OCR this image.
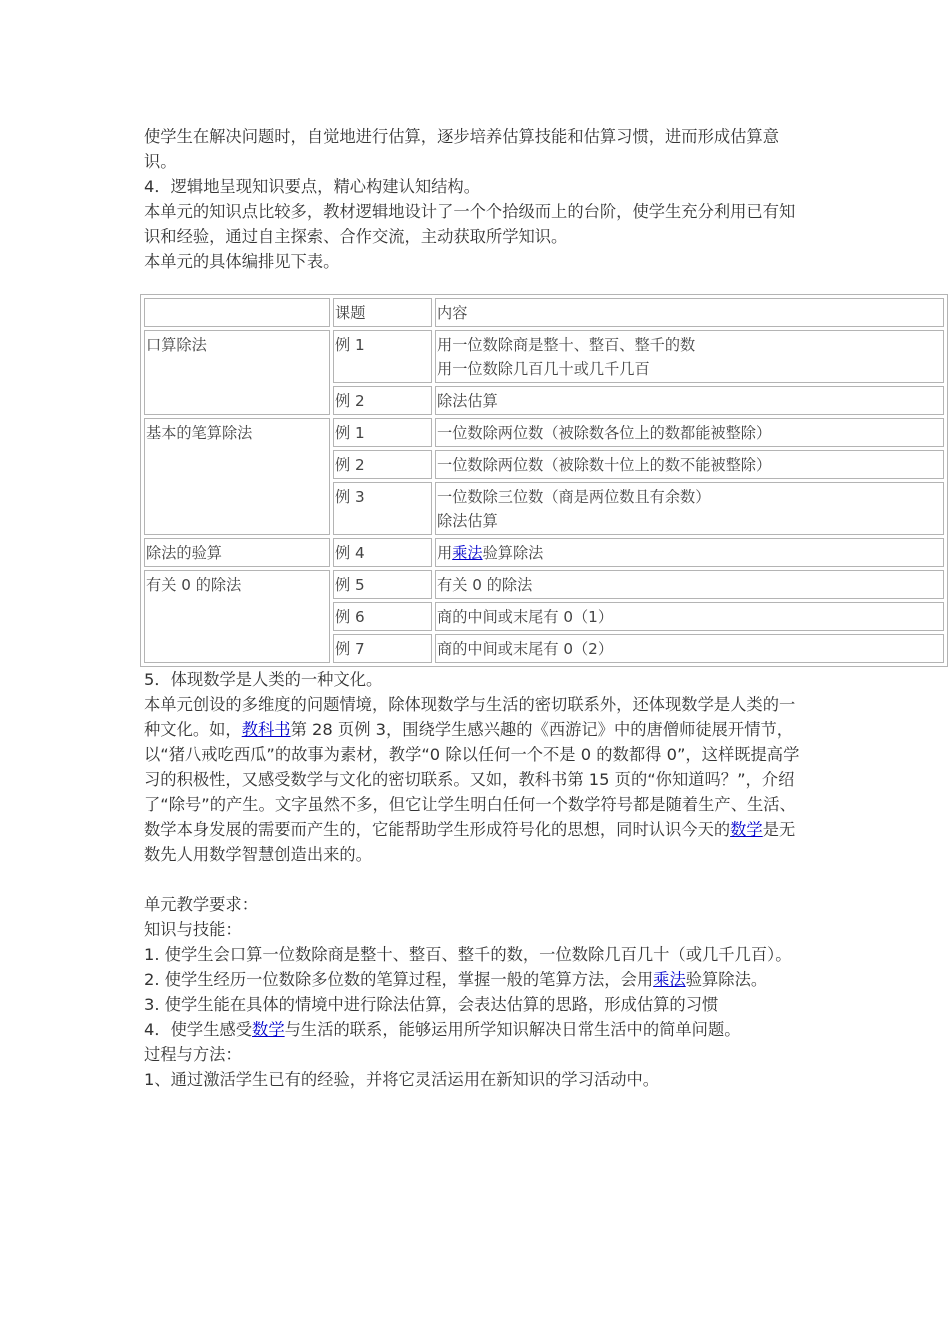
使学生在解决问题时，自觉地进行估算，逐步培养估算技能和估算习惯，进而形成估算意识。

4．逻辑地呈现知识要点，精心构建认知结构。

本单元的知识点比较多，教材逻辑地设计了一个个拾级而上的台阶，使学生充分利用已有知识和经验，通过自主探索、合作交流，主动获取所学知识。

本单元的具体编排见下表。

	课题	内容
口算除法	例 1	用一位数除商是整十、整百、整千的数
用一位数除几百几十或几千几百

	例 2	除法估算
基本的笔算除法	例 1	一位数除两位数（被除数各位上的数都能被整除）
	例 2	一位数除两位数（被除数十位上的数不能被整除）
	例 3	一位数除三位数（商是两位数且有余数）
除法估算

除法的验算	例 4	用乘法验算除法
有关 0 的除法	例 5	有关 0 的除法
	例 6	商的中间或末尾有 0（1）
	例 7	商的中间或末尾有 0（2）

5．体现数学是人类的一种文化。

本单元创设的多维度的问题情境，除体现数学与生活的密切联系外，还体现数学是人类的一种文化。如，教科书第 28 页例 3，围绕学生感兴趣的《西游记》中的唐僧师徒展开情节，以“猪八戒吃西瓜”的故事为素材，教学“0 除以任何一个不是 0 的数都得 0”，这样既提高学习的积极性，又感受数学与文化的密切联系。又如，教科书第 15 页的“你知道吗？”，介绍了“除号”的产生。文字虽然不多，但它让学生明白任何一个数学符号都是随着生产、生活、数学本身发展的需要而产生的，它能帮助学生形成符号化的思想，同时认识今天的数学是无数先人用数学智慧创造出来的。

单元教学要求：

知识与技能：

1. 使学生会口算一位数除商是整十、整百、整千的数，一位数除几百几十（或几千几百）。

2. 使学生经历一位数除多位数的笔算过程，掌握一般的笔算方法，会用乘法验算除法。

3. 使学生能在具体的情境中进行除法估算，会表达估算的思路，形成估算的习惯

4．使学生感受数学与生活的联系，能够运用所学知识解决日常生活中的简单问题。

过程与方法：

1、通过激活学生已有的经验，并将它灵活运用在新知识的学习活动中。
